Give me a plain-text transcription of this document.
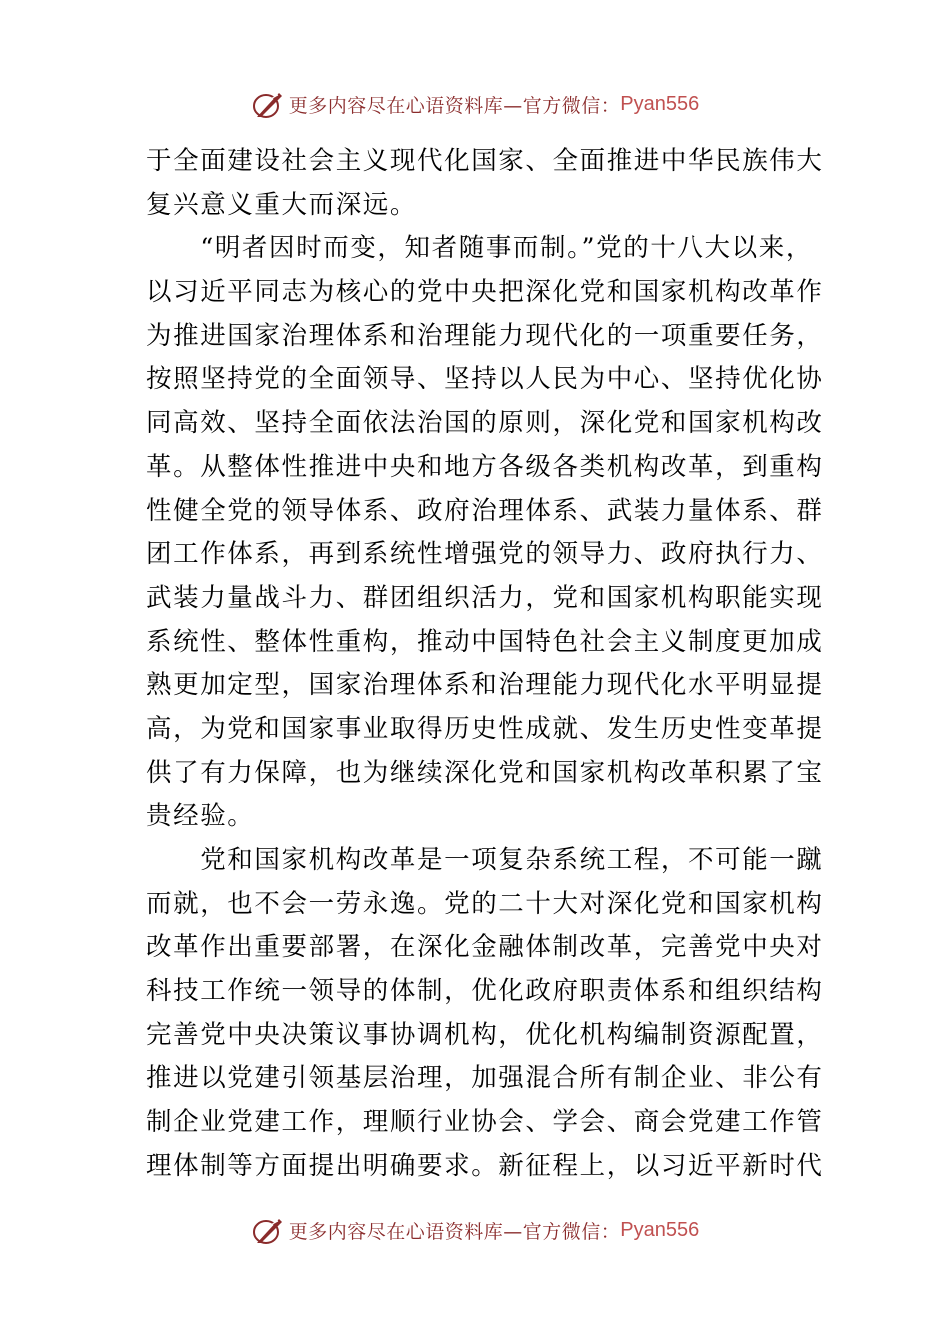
更多内容尽在心语资料库—官方微信： Pyan556
于全面建设社会主义现代化国家、全面推进中华民族伟大
复兴意义重大而深远。
　　“明者因时而变，知者随事而制。”党的十八大以来，
以习近平同志为核心的党中央把深化党和国家机构改革作
为推进国家治理体系和治理能力现代化的一项重要任务，
按照坚持党的全面领导、坚持以人民为中心、坚持优化协
同高效、坚持全面依法治国的原则，深化党和国家机构改
革。从整体性推进中央和地方各级各类机构改革，到重构
性健全党的领导体系、政府治理体系、武装力量体系、群
团工作体系，再到系统性增强党的领导力、政府执行力、
武装力量战斗力、群团组织活力，党和国家机构职能实现
系统性、整体性重构，推动中国特色社会主义制度更加成
熟更加定型，国家治理体系和治理能力现代化水平明显提
高，为党和国家事业取得历史性成就、发生历史性变革提
供了有力保障，也为继续深化党和国家机构改革积累了宝
贵经验。
　　党和国家机构改革是一项复杂系统工程，不可能一蹴
而就，也不会一劳永逸。党的二十大对深化党和国家机构
改革作出重要部署，在深化金融体制改革，完善党中央对
科技工作统一领导的体制，优化政府职责体系和组织结构
完善党中央决策议事协调机构，优化机构编制资源配置，
推进以党建引领基层治理，加强混合所有制企业、非公有
制企业党建工作，理顺行业协会、学会、商会党建工作管
理体制等方面提出明确要求。新征程上，以习近平新时代
更多内容尽在心语资料库—官方微信： Pyan556
